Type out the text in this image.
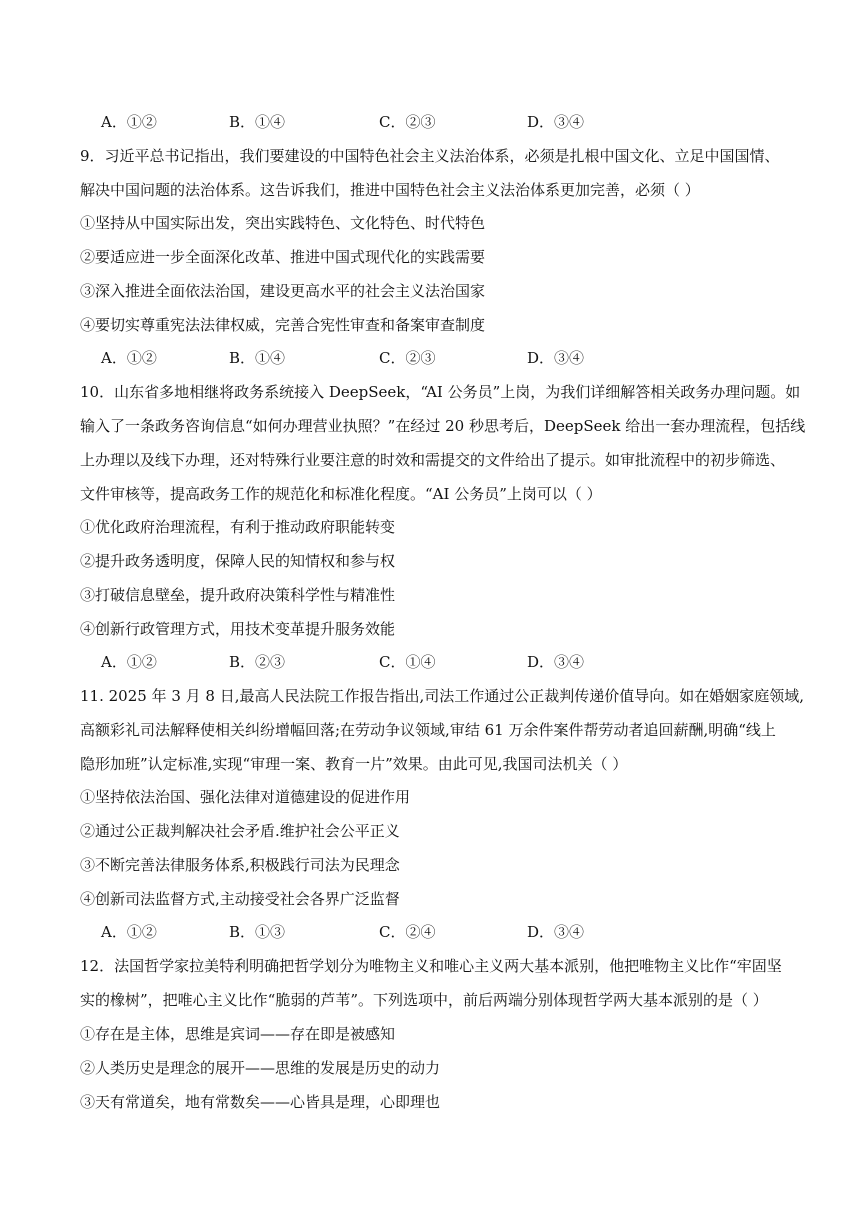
A．①②	B．①④	C．②③	D．③④
9．习近平总书记指出，我们要建设的中国特色社会主义法治体系，必须是扎根中国文化、立足中国国情、
解决中国问题的法治体系。这告诉我们，推进中国特色社会主义法治体系更加完善，必须（ ）
①坚持从中国实际出发，突出实践特色、文化特色、时代特色
②要适应进一步全面深化改革、推进中国式现代化的实践需要
③深入推进全面依法治国，建设更高水平的社会主义法治国家
④要切实尊重宪法法律权威，完善合宪性审查和备案审查制度
A．①②	B．①④	C．②③	D．③④
10．山东省多地相继将政务系统接入 DeepSeek，“AI 公务员”上岗，为我们详细解答相关政务办理问题。如
输入了一条政务咨询信息“如何办理营业执照？”在经过 20 秒思考后，DeepSeek 给出一套办理流程，包括线
上办理以及线下办理，还对特殊行业要注意的时效和需提交的文件给出了提示。如审批流程中的初步筛选、
文件审核等，提高政务工作的规范化和标准化程度。“AI 公务员”上岗可以（ ）
①优化政府治理流程，有利于推动政府职能转变
②提升政务透明度，保障人民的知情权和参与权
③打破信息壁垒，提升政府决策科学性与精准性
④创新行政管理方式，用技术变革提升服务效能
A．①②	B．②③	C．①④	D．③④
11. 2025 年 3 月 8 日,最高人民法院工作报告指出,司法工作通过公正裁判传递价值导向。如在婚姻家庭领域,
高额彩礼司法解释使相关纠纷增幅回落;在劳动争议领域,审结 61 万余件案件帮劳动者追回薪酬,明确“线上
隐形加班”认定标准,实现“审理一案、教育一片”效果。由此可见,我国司法机关（ ）
①坚持依法治国、强化法律对道德建设的促进作用
②通过公正裁判解决社会矛盾.维护社会公平正义
③不断完善法律服务体系,积极践行司法为民理念
④创新司法监督方式,主动接受社会各界广泛监督
A．①②	B．①③	C．②④	D．③④
12．法国哲学家拉美特利明确把哲学划分为唯物主义和唯心主义两大基本派别，他把唯物主义比作“牢固坚
实的橡树”，把唯心主义比作“脆弱的芦苇”。下列选项中，前后两端分别体现哲学两大基本派别的是（ ）
①存在是主体，思维是宾词——存在即是被感知
②人类历史是理念的展开——思维的发展是历史的动力
③天有常道矣，地有常数矣——心皆具是理，心即理也
